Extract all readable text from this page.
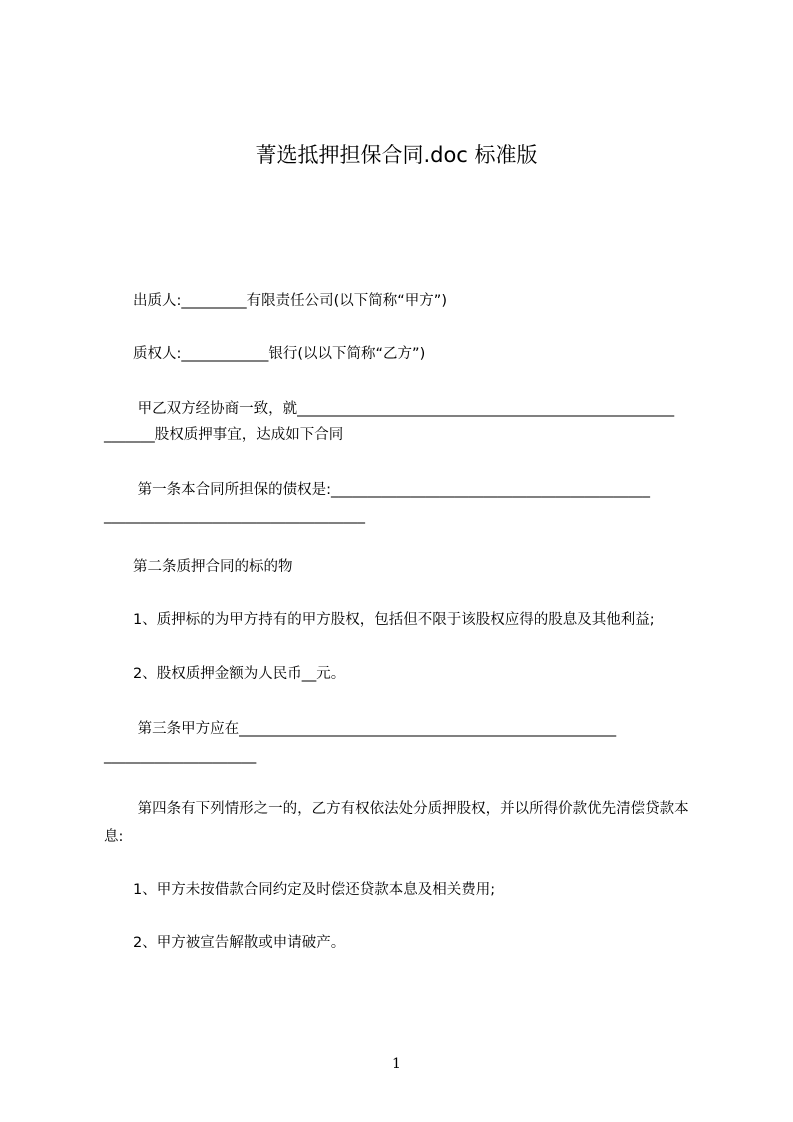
菁选抵押担保合同.doc 标准版
　　出质人:_________有限责任公司(以下简称“甲方”)
　　质权人:____________银行(以以下简称“乙方”)
　　 甲乙双方经协商一致，就____________________________________________________
_______股权质押事宜，达成如下合同
　　 第一条本合同所担保的债权是:____________________________________________
____________________________________
　　第二条质押合同的标的物
　　1、质押标的为甲方持有的甲方股权，包括但不限于该股权应得的股息及其他利益;
　　2、股权质押金额为人民币__元。
　　 第三条甲方应在____________________________________________________
_____________________
　　 第四条有下列情形之一的，乙方有权依法处分质押股权，并以所得价款优先清偿贷款本息:
　　1、甲方未按借款合同约定及时偿还贷款本息及相关费用;
　　2、甲方被宣告解散或申请破产。
1
